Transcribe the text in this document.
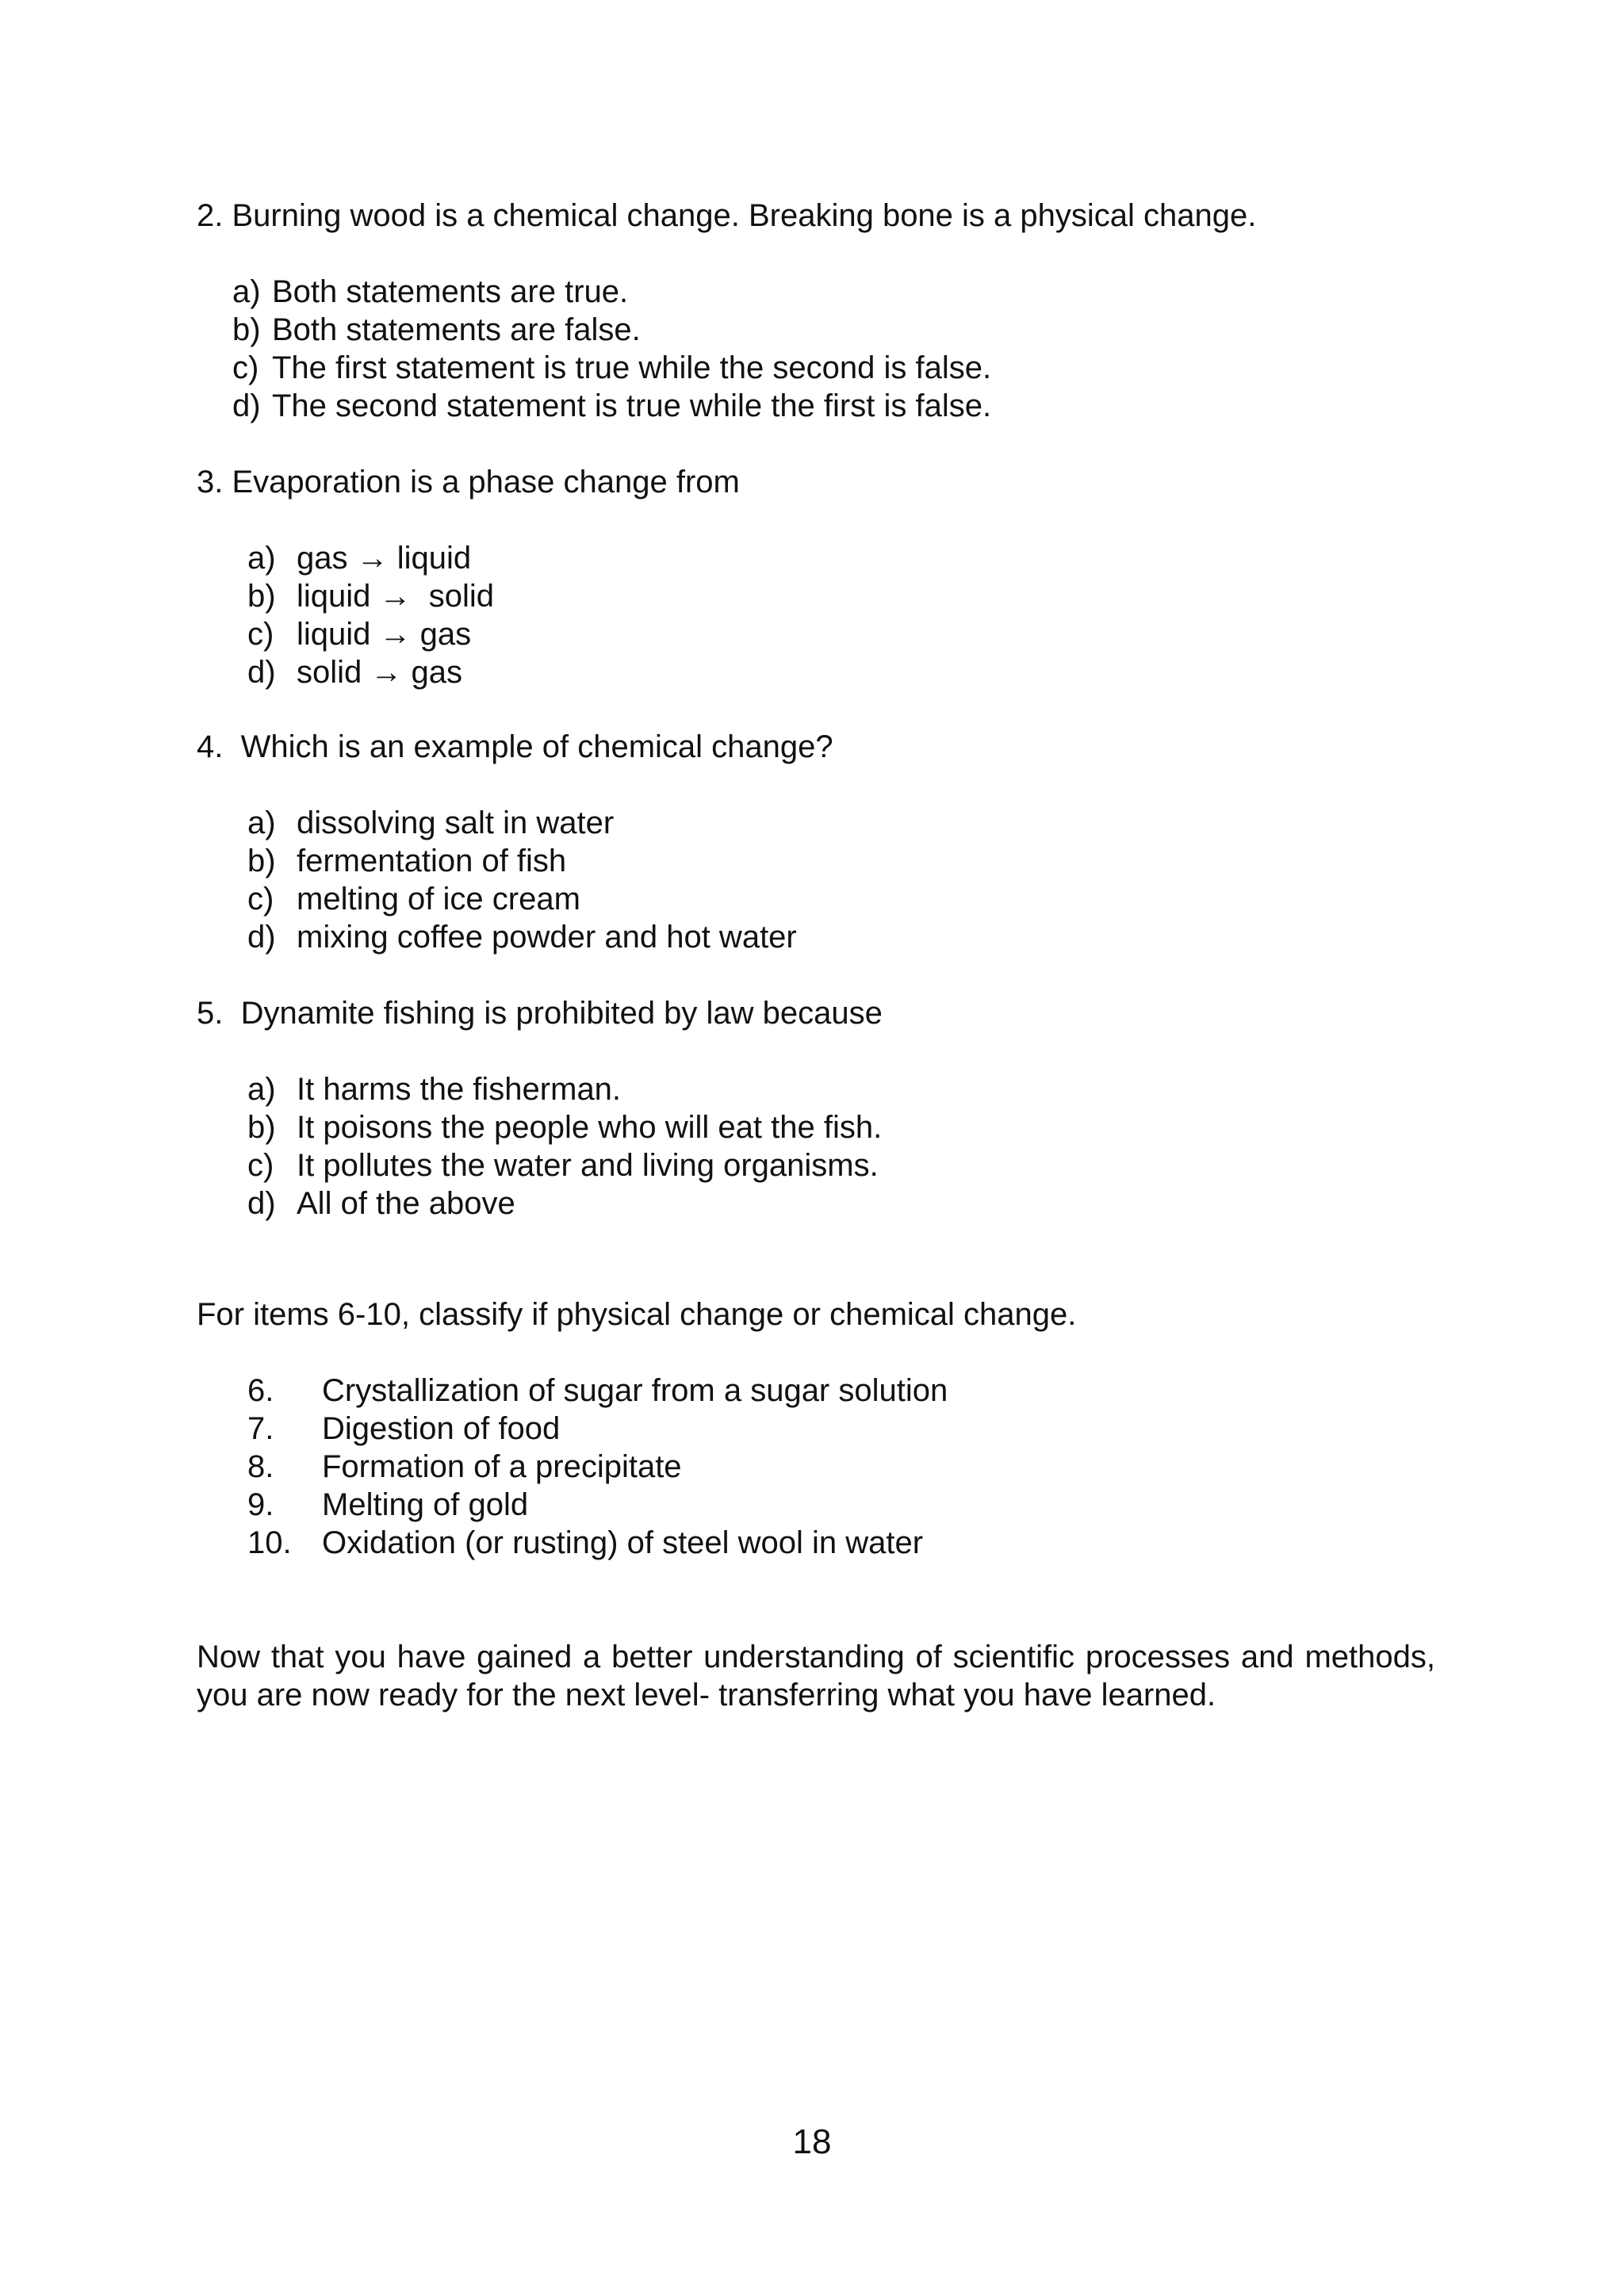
2. Burning wood is a chemical change. Breaking bone is a physical change.
a) Both statements are true.
b) Both statements are false.
c) The first statement is true while the second is false.
d) The second statement is true while the first is false.
3. Evaporation is a phase change from
a) gas → liquid
b) liquid →  solid
c) liquid → gas
d) solid → gas
4.  Which is an example of chemical change?
a) dissolving salt in water
b) fermentation of fish
c) melting of ice cream
d) mixing coffee powder and hot water
5.  Dynamite fishing is prohibited by law because
a) It harms the fisherman.
b) It poisons the people who will eat the fish.
c) It pollutes the water and living organisms.
d) All of the above
For items 6-10, classify if physical change or chemical change.
6.	Crystallization of sugar from a sugar solution
7.	Digestion of food
8.	Formation of a precipitate
9.	Melting of gold
10. Oxidation (or rusting) of steel wool in water

Now that you have gained a better understanding of scientific processes and methods, you are now ready for the next level- transferring what you have learned.

18
